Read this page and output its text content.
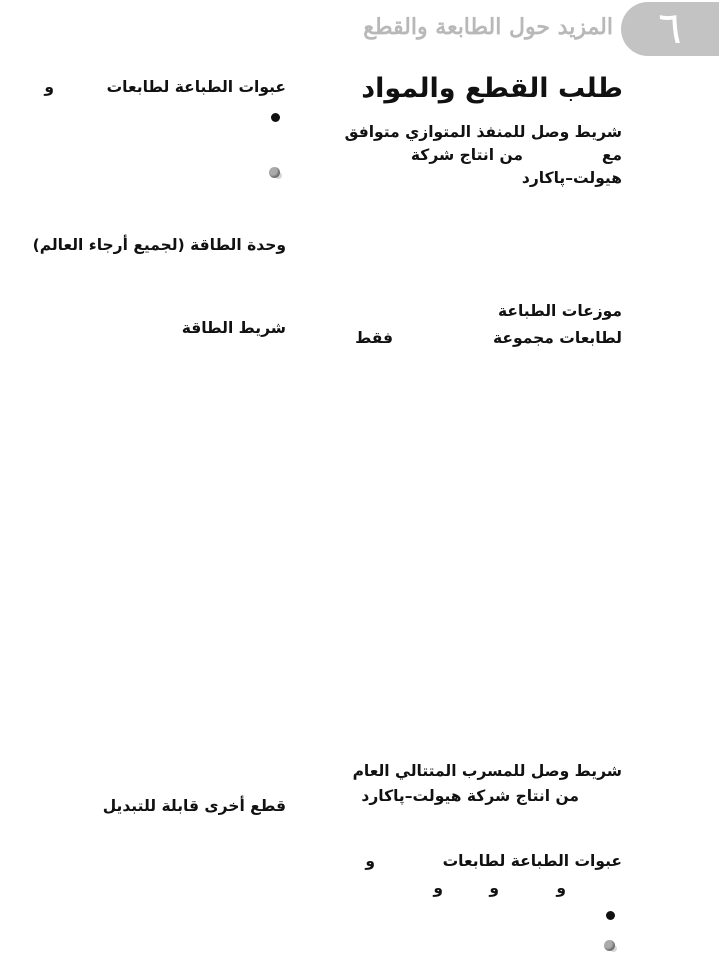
٦
المزيد حول الطابعة والقطع
طلب القطع والمواد
شريط وصل للمنفذ المتوازي متوافق
مع
من انتاج شركة
هيولت–پاكارد
موزعات الطباعة
لطابعات مجموعة
فقط
شريط وصل للمسرب المتتالي العام
من انتاج شركة هيولت–پاكارد
عبوات الطباعة لطابعات
و
و
و
و
عبوات الطباعة لطابعات
و
وحدة الطاقة (لجميع أرجاء العالم)
شريط الطاقة
قطع أخرى قابلة للتبديل
